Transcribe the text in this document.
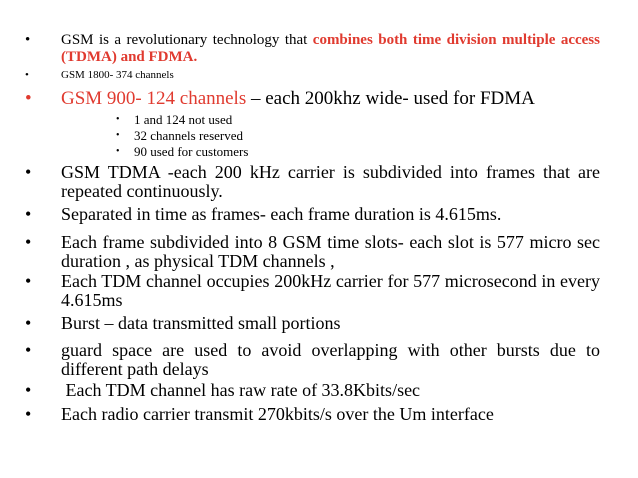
• GSM is a revolutionary technology that combines both time division multiple access (TDMA) and FDMA.
•	GSM 1800- 374 channels
• GSM 900- 124 channels – each 200khz wide- used for FDMA
• 1 and 124 not used
• 32 channels reserved
• 90 used for customers
• GSM TDMA -each 200 kHz carrier is subdivided into frames that are repeated continuously.
• Separated in time as frames- each frame duration is 4.615ms.
• Each frame subdivided into 8 GSM time slots- each slot is 577 micro sec duration , as physical TDM channels ,
• Each TDM channel occupies 200kHz carrier for 577 microsecond in every 4.615ms
• Burst – data transmitted small portions
• guard space are used to avoid overlapping with other bursts due to different path delays
• Each TDM channel has raw rate of 33.8Kbits/sec
• Each radio carrier transmit 270kbits/s over the Um interface
